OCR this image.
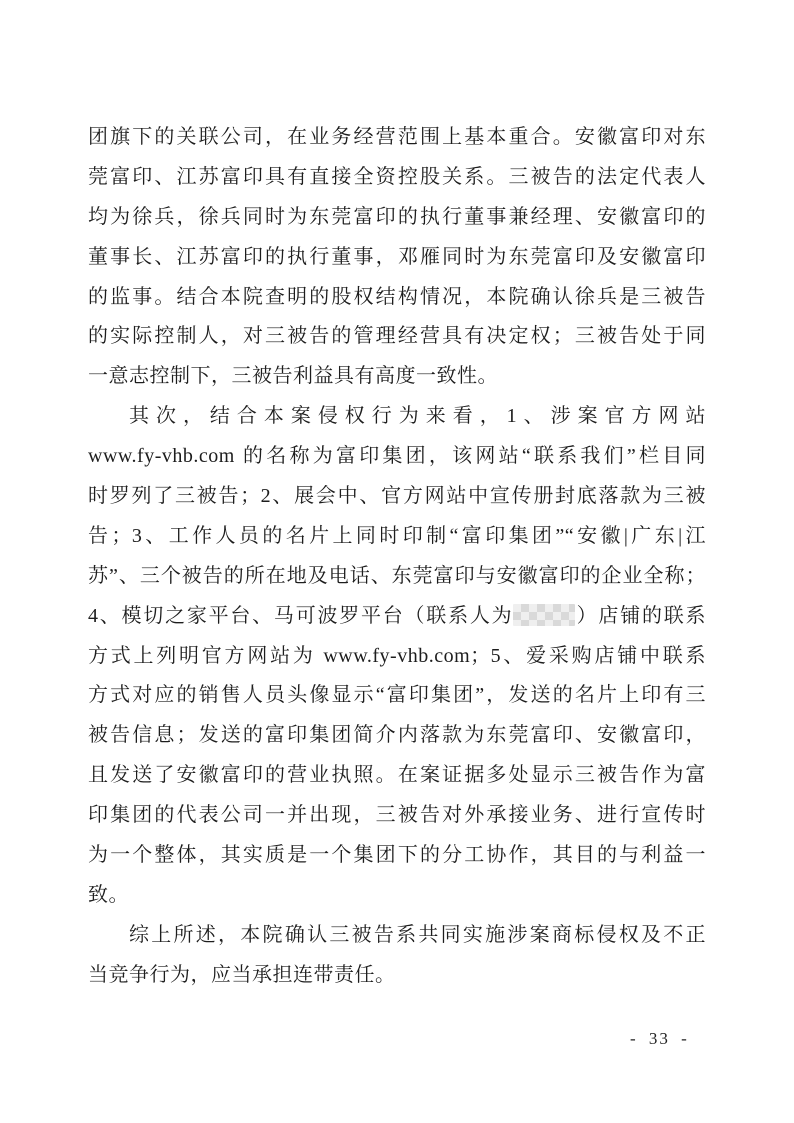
团旗下的关联公司，在业务经营范围上基本重合。安徽富印对东
莞富印、江苏富印具有直接全资控股关系。三被告的法定代表人
均为徐兵，徐兵同时为东莞富印的执行董事兼经理、安徽富印的
董事长、江苏富印的执行董事，邓雁同时为东莞富印及安徽富印
的监事。结合本院查明的股权结构情况，本院确认徐兵是三被告
的实际控制人，对三被告的管理经营具有决定权；三被告处于同
一意志控制下，三被告利益具有高度一致性。
其次，结合本案侵权行为来看，1、涉案官方网站
www.fy-vhb.com 的名称为富印集团，该网站“联系我们”栏目同
时罗列了三被告；2、展会中、官方网站中宣传册封底落款为三被
告；3、工作人员的名片上同时印制“富印集团”“安徽|广东|江
苏”、三个被告的所在地及电话、东莞富印与安徽富印的企业全称；
4、模切之家平台、马可波罗平台（联系人为	）店铺的联系
方式上列明官方网站为 www.fy-vhb.com；5、爱采购店铺中联系
方式对应的销售人员头像显示“富印集团”，发送的名片上印有三
被告信息；发送的富印集团简介内落款为东莞富印、安徽富印，
且发送了安徽富印的营业执照。在案证据多处显示三被告作为富
印集团的代表公司一并出现，三被告对外承接业务、进行宣传时
为一个整体，其实质是一个集团下的分工协作，其目的与利益一
致。
综上所述，本院确认三被告系共同实施涉案商标侵权及不正
当竞争行为，应当承担连带责任。
- 33 -
